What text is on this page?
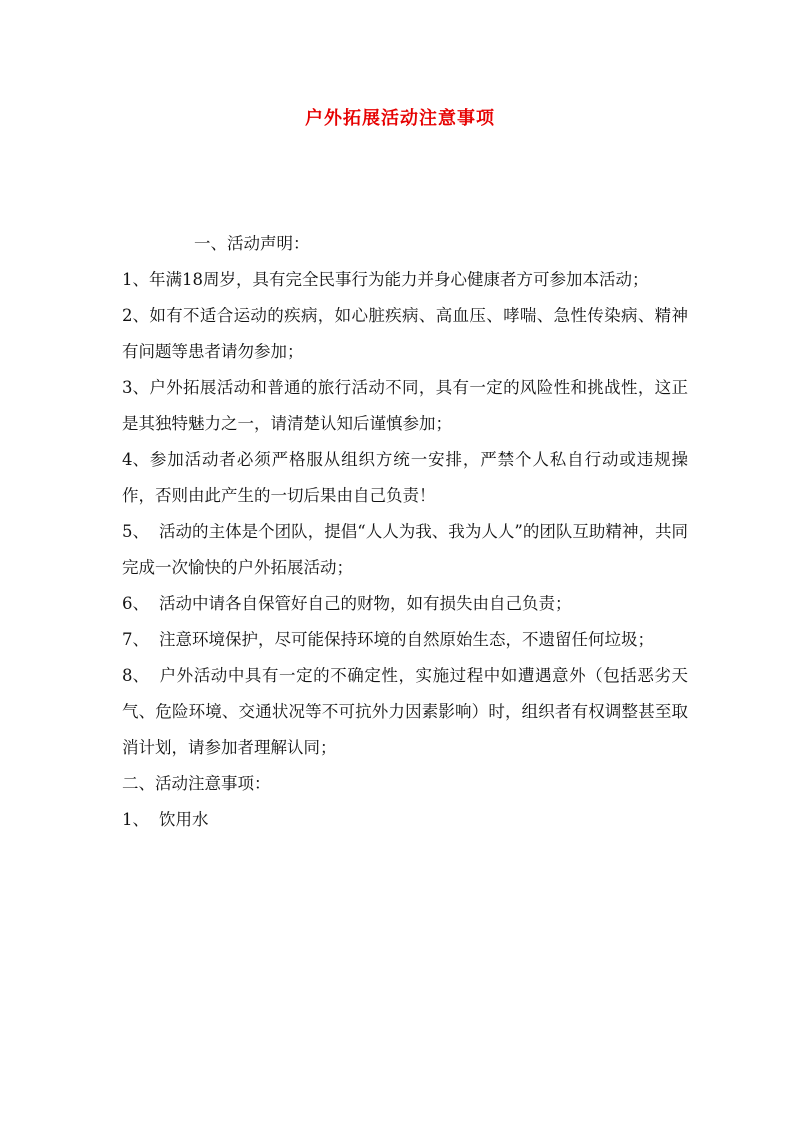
户外拓展活动注意事项

一、活动声明：

1、年满18周岁，具有完全民事行为能力并身心健康者方可参加本活动；

2、如有不适合运动的疾病，如心脏疾病、高血压、哮喘、急性传染病、精神有问题等患者请勿参加；

3、户外拓展活动和普通的旅行活动不同，具有一定的风险性和挑战性，这正是其独特魅力之一，请清楚认知后谨慎参加；

4、参加活动者必须严格服从组织方统一安排，严禁个人私自行动或违规操作，否则由此产生的一切后果由自己负责！

5、 活动的主体是个团队，提倡“人人为我、我为人人”的团队互助精神，共同完成一次愉快的户外拓展活动；

6、 活动中请各自保管好自己的财物，如有损失由自己负责；

7、 注意环境保护，尽可能保持环境的自然原始生态，不遗留任何垃圾；

8、 户外活动中具有一定的不确定性，实施过程中如遭遇意外（包括恶劣天气、危险环境、交通状况等不可抗外力因素影响）时，组织者有权调整甚至取消计划，请参加者理解认同；

二、活动注意事项：

1、 饮用水
